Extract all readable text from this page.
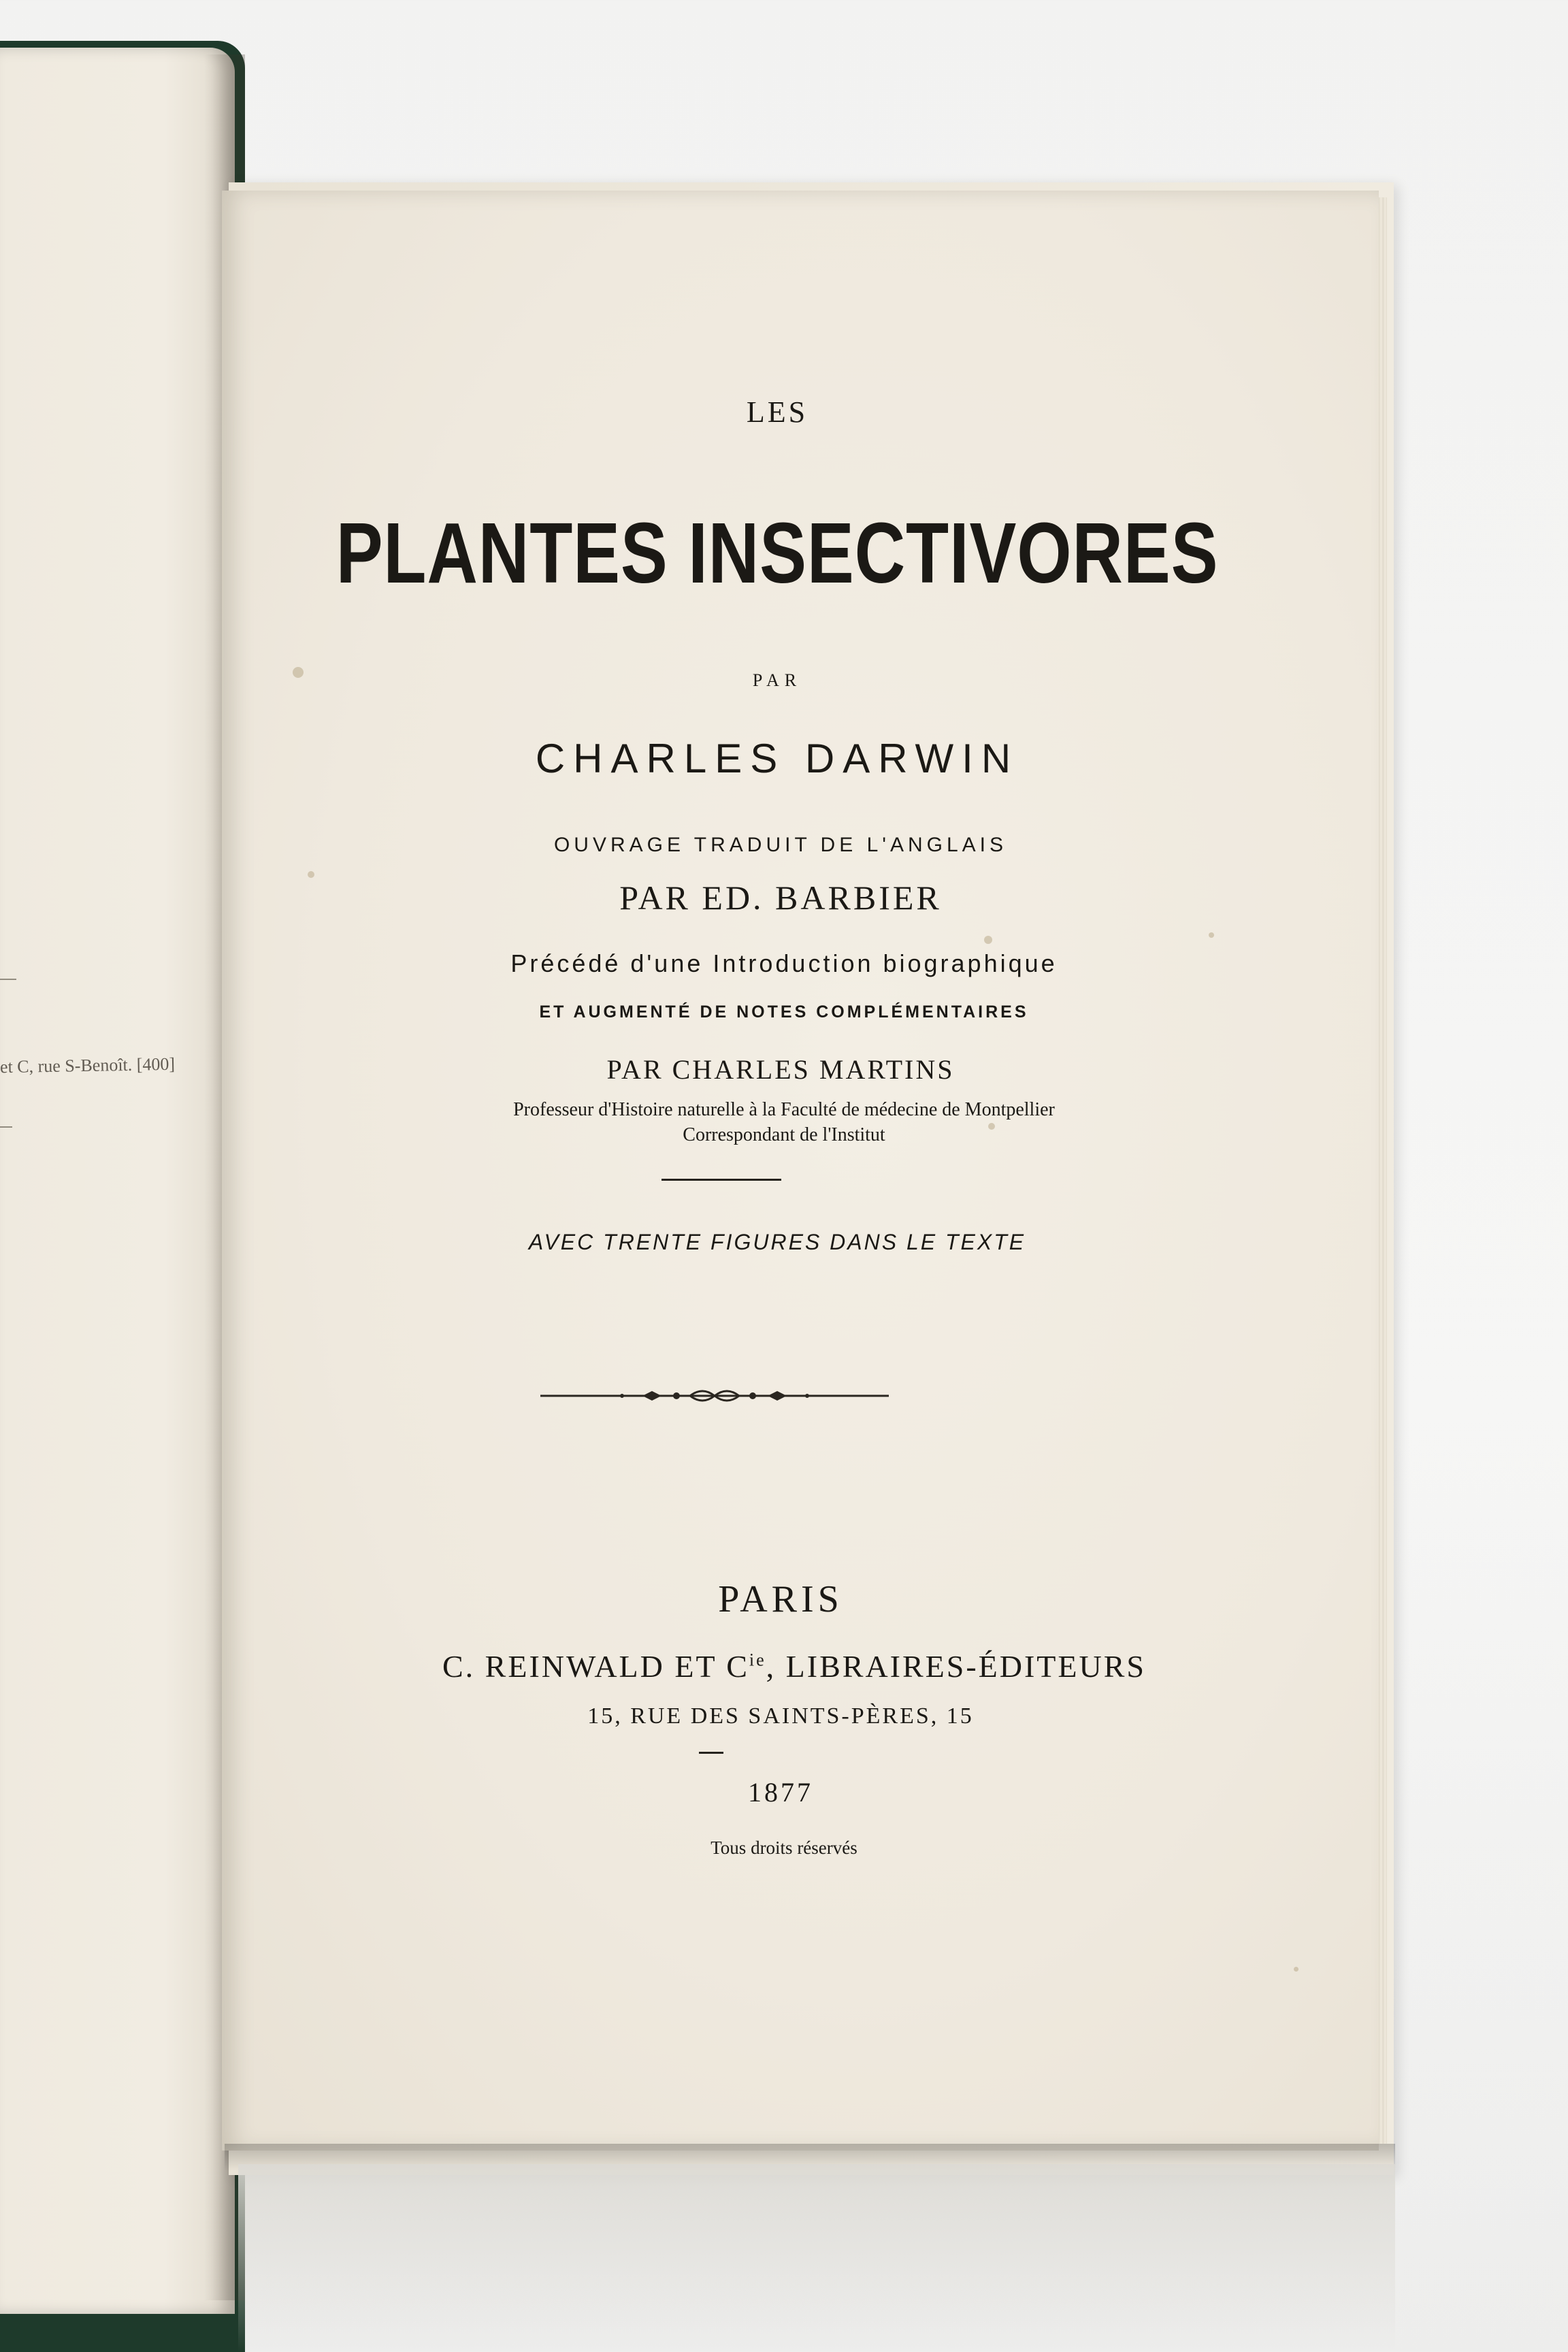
et C, rue S-Benoît. [400]
LES
PLANTES INSECTIVORES
PAR
CHARLES DARWIN
OUVRAGE TRADUIT DE L'ANGLAIS
PAR ED. BARBIER
Précédé d'une Introduction biographique
ET AUGMENTÉ DE NOTES COMPLÉMENTAIRES
PAR CHARLES MARTINS
Professeur d'Histoire naturelle à la Faculté de médecine de Montpellier
Correspondant de l'Institut
AVEC TRENTE FIGURES DANS LE TEXTE
PARIS
C. REINWALD ET $C^{ie}$, LIBRAIRES-ÉDITEURS
15, RUE DES SAINTS-PÈRES, 15
1877
Tous droits réservés
